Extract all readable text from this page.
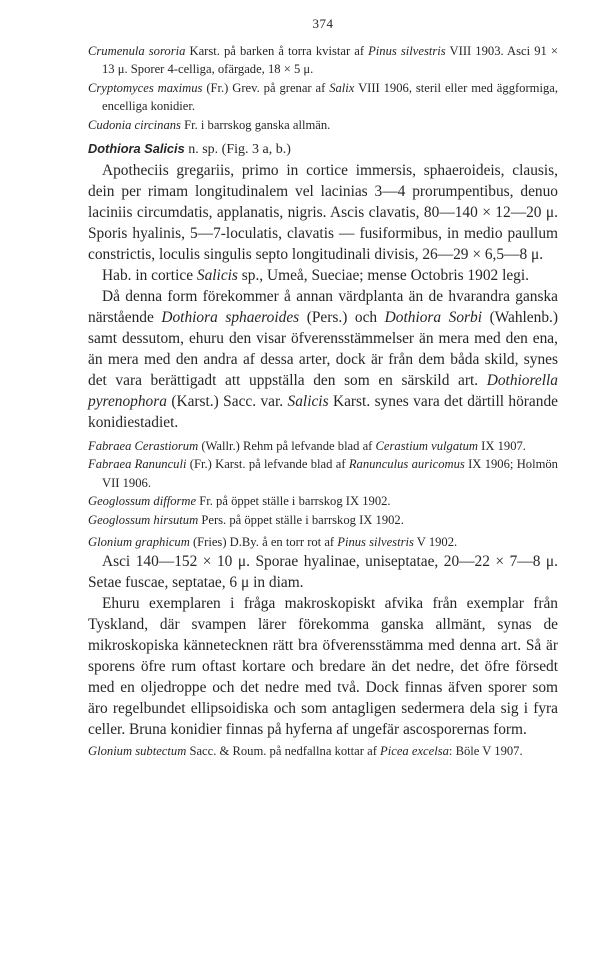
374

Crumenula sororia Karst. på barken å torra kvistar af Pinus silvestris VIII 1903. Asci 91 × 13 μ. Sporer 4-celliga, ofärgade, 18 × 5 μ.

Cryptomyces maximus (Fr.) Grev. på grenar af Salix VIII 1906, steril eller med äggformiga, encelliga konidier.

Cudonia circinans Fr. i barrskog ganska allmän.

Dothiora Salicis n. sp. (Fig. 3 a, b.)

Apotheciis gregariis, primo in cortice immersis, sphaeroideis, clausis, dein per rimam longitudinalem vel lacinias 3—4 prorumpentibus, denuo laciniis circumdatis, applanatis, nigris. Ascis clavatis, 80—140 × 12—20 μ. Sporis hyalinis, 5—7-loculatis, clavatis — fusiformibus, in medio paullum constrictis, loculis singulis septo longitudinali divisis, 26—29 × 6,5—8 μ.

Hab. in cortice Salicis sp., Umeå, Sueciae; mense Octobris 1902 legi.

Då denna form förekommer å annan värdplanta än de hvarandra ganska närstående Dothiora sphaeroides (Pers.) och Dothiora Sorbi (Wahlenb.) samt dessutom, ehuru den visar öfverensstämmelser än mera med den ena, än mera med den andra af dessa arter, dock är från dem båda skild, synes det vara berättigadt att uppställa den som en särskild art. Dothiorella pyrenophora (Karst.) Sacc. var. Salicis Karst. synes vara det därtill hörande konidiestadiet.

Fabraea Cerastiorum (Wallr.) Rehm på lefvande blad af Cerastium vulgatum IX 1907.

Fabraea Ranunculi (Fr.) Karst. på lefvande blad af Ranunculus auricomus IX 1906; Holmön VII 1906.

Geoglossum difforme Fr. på öppet ställe i barrskog IX 1902.

Geoglossum hirsutum Pers. på öppet ställe i barrskog IX 1902.

Glonium graphicum (Fries) D.By. å en torr rot af Pinus silvestris V 1902.

Asci 140—152 × 10 μ. Sporae hyalinae, uniseptatae, 20—22 × 7—8 μ. Setae fuscae, septatae, 6 μ in diam.

Ehuru exemplaren i fråga makroskopiskt afvika från exemplar från Tyskland, där svampen lärer förekomma ganska allmänt, synas de mikroskopiska kännetecknen rätt bra öfverensstämma med denna art. Så är sporens öfre rum oftast kortare och bredare än det nedre, det öfre försedt med en oljedroppe och det nedre med två. Dock finnas äfven sporer som äro regelbundet ellipsoidiska och som antagligen sedermera dela sig i fyra celler. Bruna konidier finnas på hyferna af ungefär ascosporernas form.

Glonium subtectum Sacc. & Roum. på nedfallna kottar af Picea excelsa: Böle V 1907.
